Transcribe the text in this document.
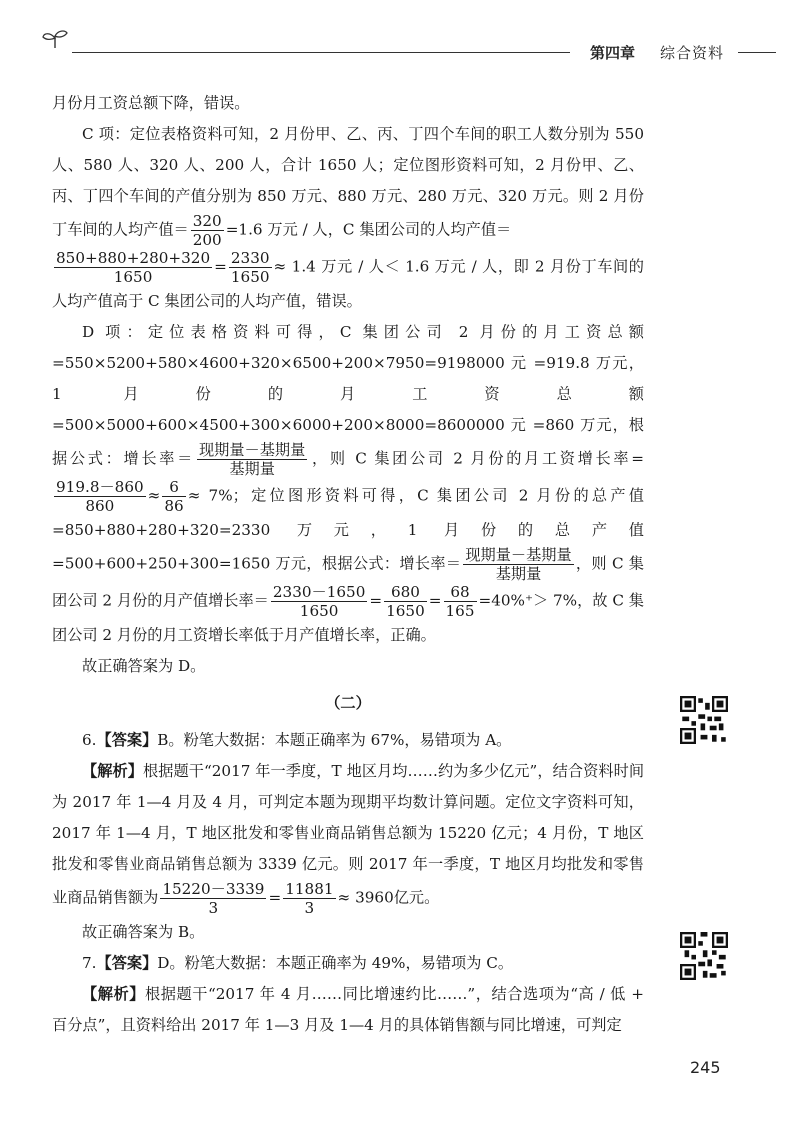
第四章 综合资料

月份月工资总额下降，错误。

C 项：定位表格资料可知，2 月份甲、乙、丙、丁四个车间的职工人数分别为 550 人、580 人、320 人、200 人，合计 1650 人；定位图形资料可知，2 月份甲、乙、丙、丁四个车间的产值分别为 850 万元、880 万元、280 万元、320 万元。则 2 月份丁车间的人均产值＝ $\frac{320}{200} =1.6$ 万元 / 人，C 集团公司的人均产值＝

$\frac{850+880+280+320}{1650} = \frac{2330}{1650} \approx 1.4$ 万元 / 人＜ 1.6 万元 / 人，即 2 月份丁车间的人均产值高于 C 集团公司的人均产值，错误。

D 项：定位表格资料可得，C 集团公司 2 月份的月工资总额 =550×5200+580×4600+320×6500+200×7950=9198000 元 =919.8 万元，1 月份的月工资总额 =500×5000+600×4500+300×6000+200×8000=8600000 元 =860 万元，根据公式：增长率＝ $\frac{\text{现期量－基期量}}{\text{基期量}}$ ，则 C 集团公司 2 月份的月工资增长率=
$\frac{919.8-860}{860} \approx \frac{6}{86} \approx 7\%$；定位图形资料可得，C 集团公司 2 月份的总产值 =850+880+280+320=2330 万元，1 月份的总产值 =500+600+250+300=1650 万元，根据公式：增长率＝ $\frac{\text{现期量－基期量}}{\text{基期量}}$ ，则 C 集团公司 2 月份的月产值增长率＝ $\frac{2330-1650}{1650} = \frac{680}{1650} = \frac{68}{165} =40\%^+> 7\%$，故 C 集团公司 2 月份的月工资增长率低于月产值增长率，正确。

故正确答案为 D。

（二）

6.【答案】B。粉笔大数据：本题正确率为 67%，易错项为 A。

【解析】根据题干“2017 年一季度，T 地区月均……约为多少亿元”，结合资料时间为 2017 年 1—4 月及 4 月，可判定本题为现期平均数计算问题。定位文字资料可知，2017 年 1—4 月，T 地区批发和零售业商品销售总额为 15220 亿元；4 月份，T 地区批发和零售业商品销售总额为 3339 亿元。则 2017 年一季度，T 地区月均批发和零售业商品销售额为 $\frac{15220-3339}{3} = \frac{11881}{3} \approx 3960$亿元。

故正确答案为 B。

7.【答案】D。粉笔大数据：本题正确率为 49%，易错项为 C。

【解析】根据题干“2017 年 4 月……同比增速约比……”，结合选项为“高 / 低 + 百分点”，且资料给出 2017 年 1—3 月及 1—4 月的具体销售额与同比增速，可判定

245
